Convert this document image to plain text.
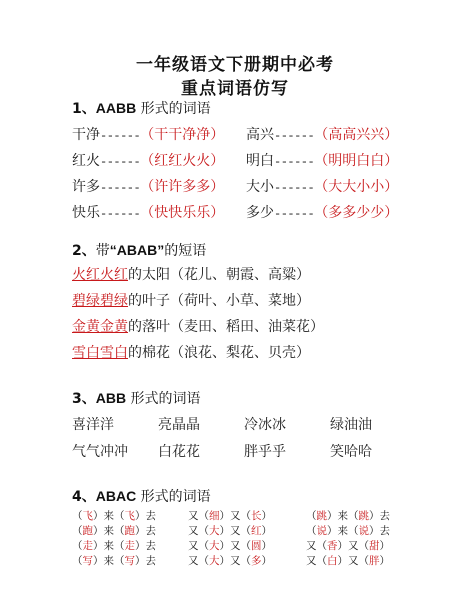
一年级语文下册期中必考
重点词语仿写
1、AABB 形式的词语
干净------（干干净净） 高兴------（高高兴兴）
红火------（红红火火） 明白------（明明白白）
许多------（许许多多） 大小------（大大小小）
快乐------（快快乐乐） 多少------（多多少少）
2、带“ABAB”的短语
火红火红的太阳（花儿、朝霞、高粱）
碧绿碧绿的叶子（荷叶、小草、菜地）
金黄金黄的落叶（麦田、稻田、油菜花）
雪白雪白的棉花（浪花、梨花、贝壳）
3、ABB 形式的词语
喜洋洋	亮晶晶	冷冰冰	绿油油
气气冲冲 白花花	胖乎乎	笑哈哈
4、ABAC 形式的词语
（飞）来（飞）去	又（细）又（长）	（跳）来（跳）去
（跑）来（跑）去	又（大）又（红）	（说）来（说）去
（走）来（走）去	又（大）又（圆）	又（香）又（甜）
（写）来（写）去	又（大）又（多）	又（白）又（胖）
